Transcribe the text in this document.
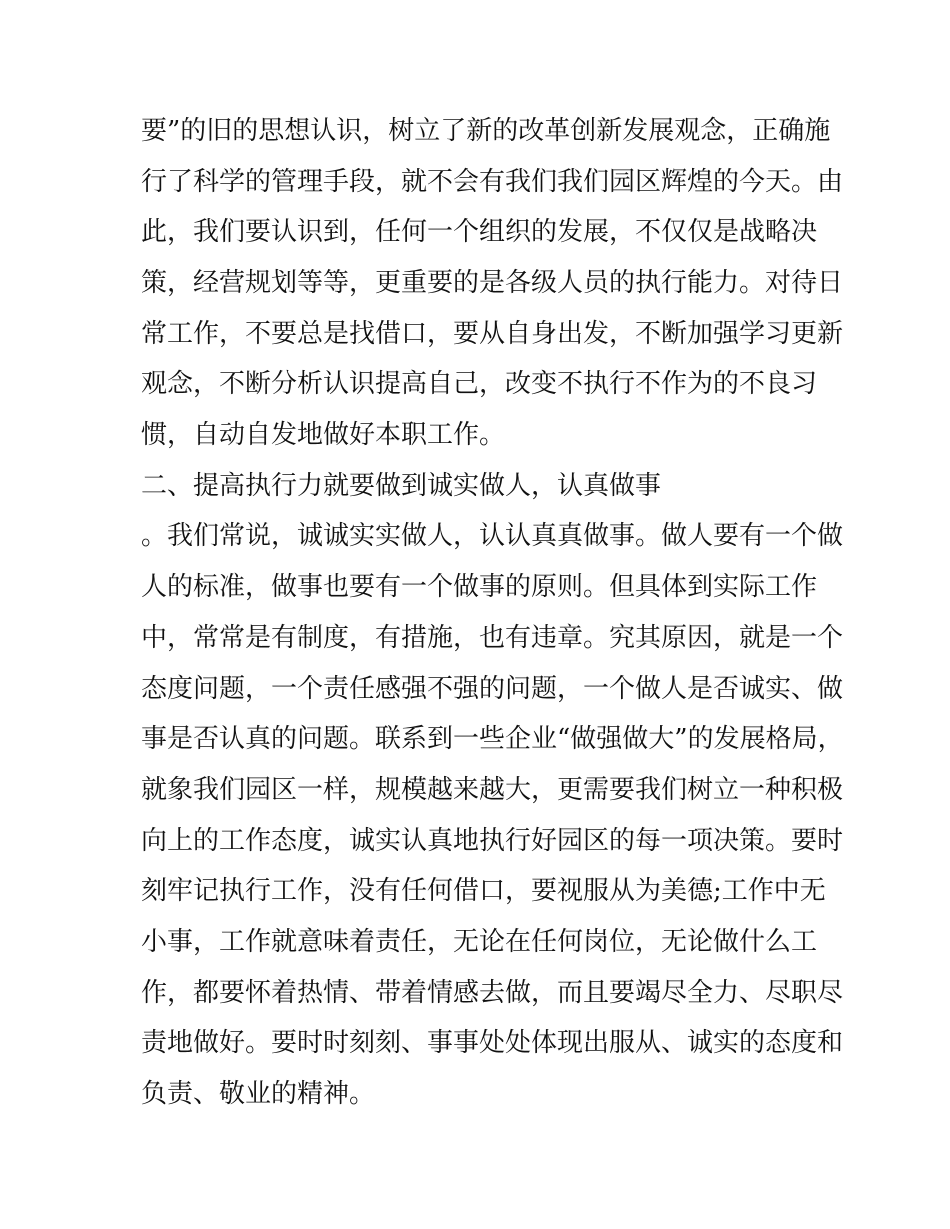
要”的旧的思想认识，树立了新的改革创新发展观念，正确施
行了科学的管理手段，就不会有我们我们园区辉煌的今天。由
此，我们要认识到，任何一个组织的发展，不仅仅是战略决
策，经营规划等等，更重要的是各级人员的执行能力。对待日
常工作，不要总是找借口，要从自身出发，不断加强学习更新
观念，不断分析认识提高自己，改变不执行不作为的不良习
惯，自动自发地做好本职工作。
二、提高执行力就要做到诚实做人，认真做事
。我们常说，诚诚实实做人，认认真真做事。做人要有一个做
人的标准，做事也要有一个做事的原则。但具体到实际工作
中，常常是有制度，有措施，也有违章。究其原因，就是一个
态度问题，一个责任感强不强的问题，一个做人是否诚实、做
事是否认真的问题。联系到一些企业“做强做大”的发展格局，
就象我们园区一样，规模越来越大，更需要我们树立一种积极
向上的工作态度，诚实认真地执行好园区的每一项决策。要时
刻牢记执行工作，没有任何借口，要视服从为美德;工作中无
小事，工作就意味着责任，无论在任何岗位，无论做什么工
作，都要怀着热情、带着情感去做，而且要竭尽全力、尽职尽
责地做好。要时时刻刻、事事处处体现出服从、诚实的态度和
负责、敬业的精神。
